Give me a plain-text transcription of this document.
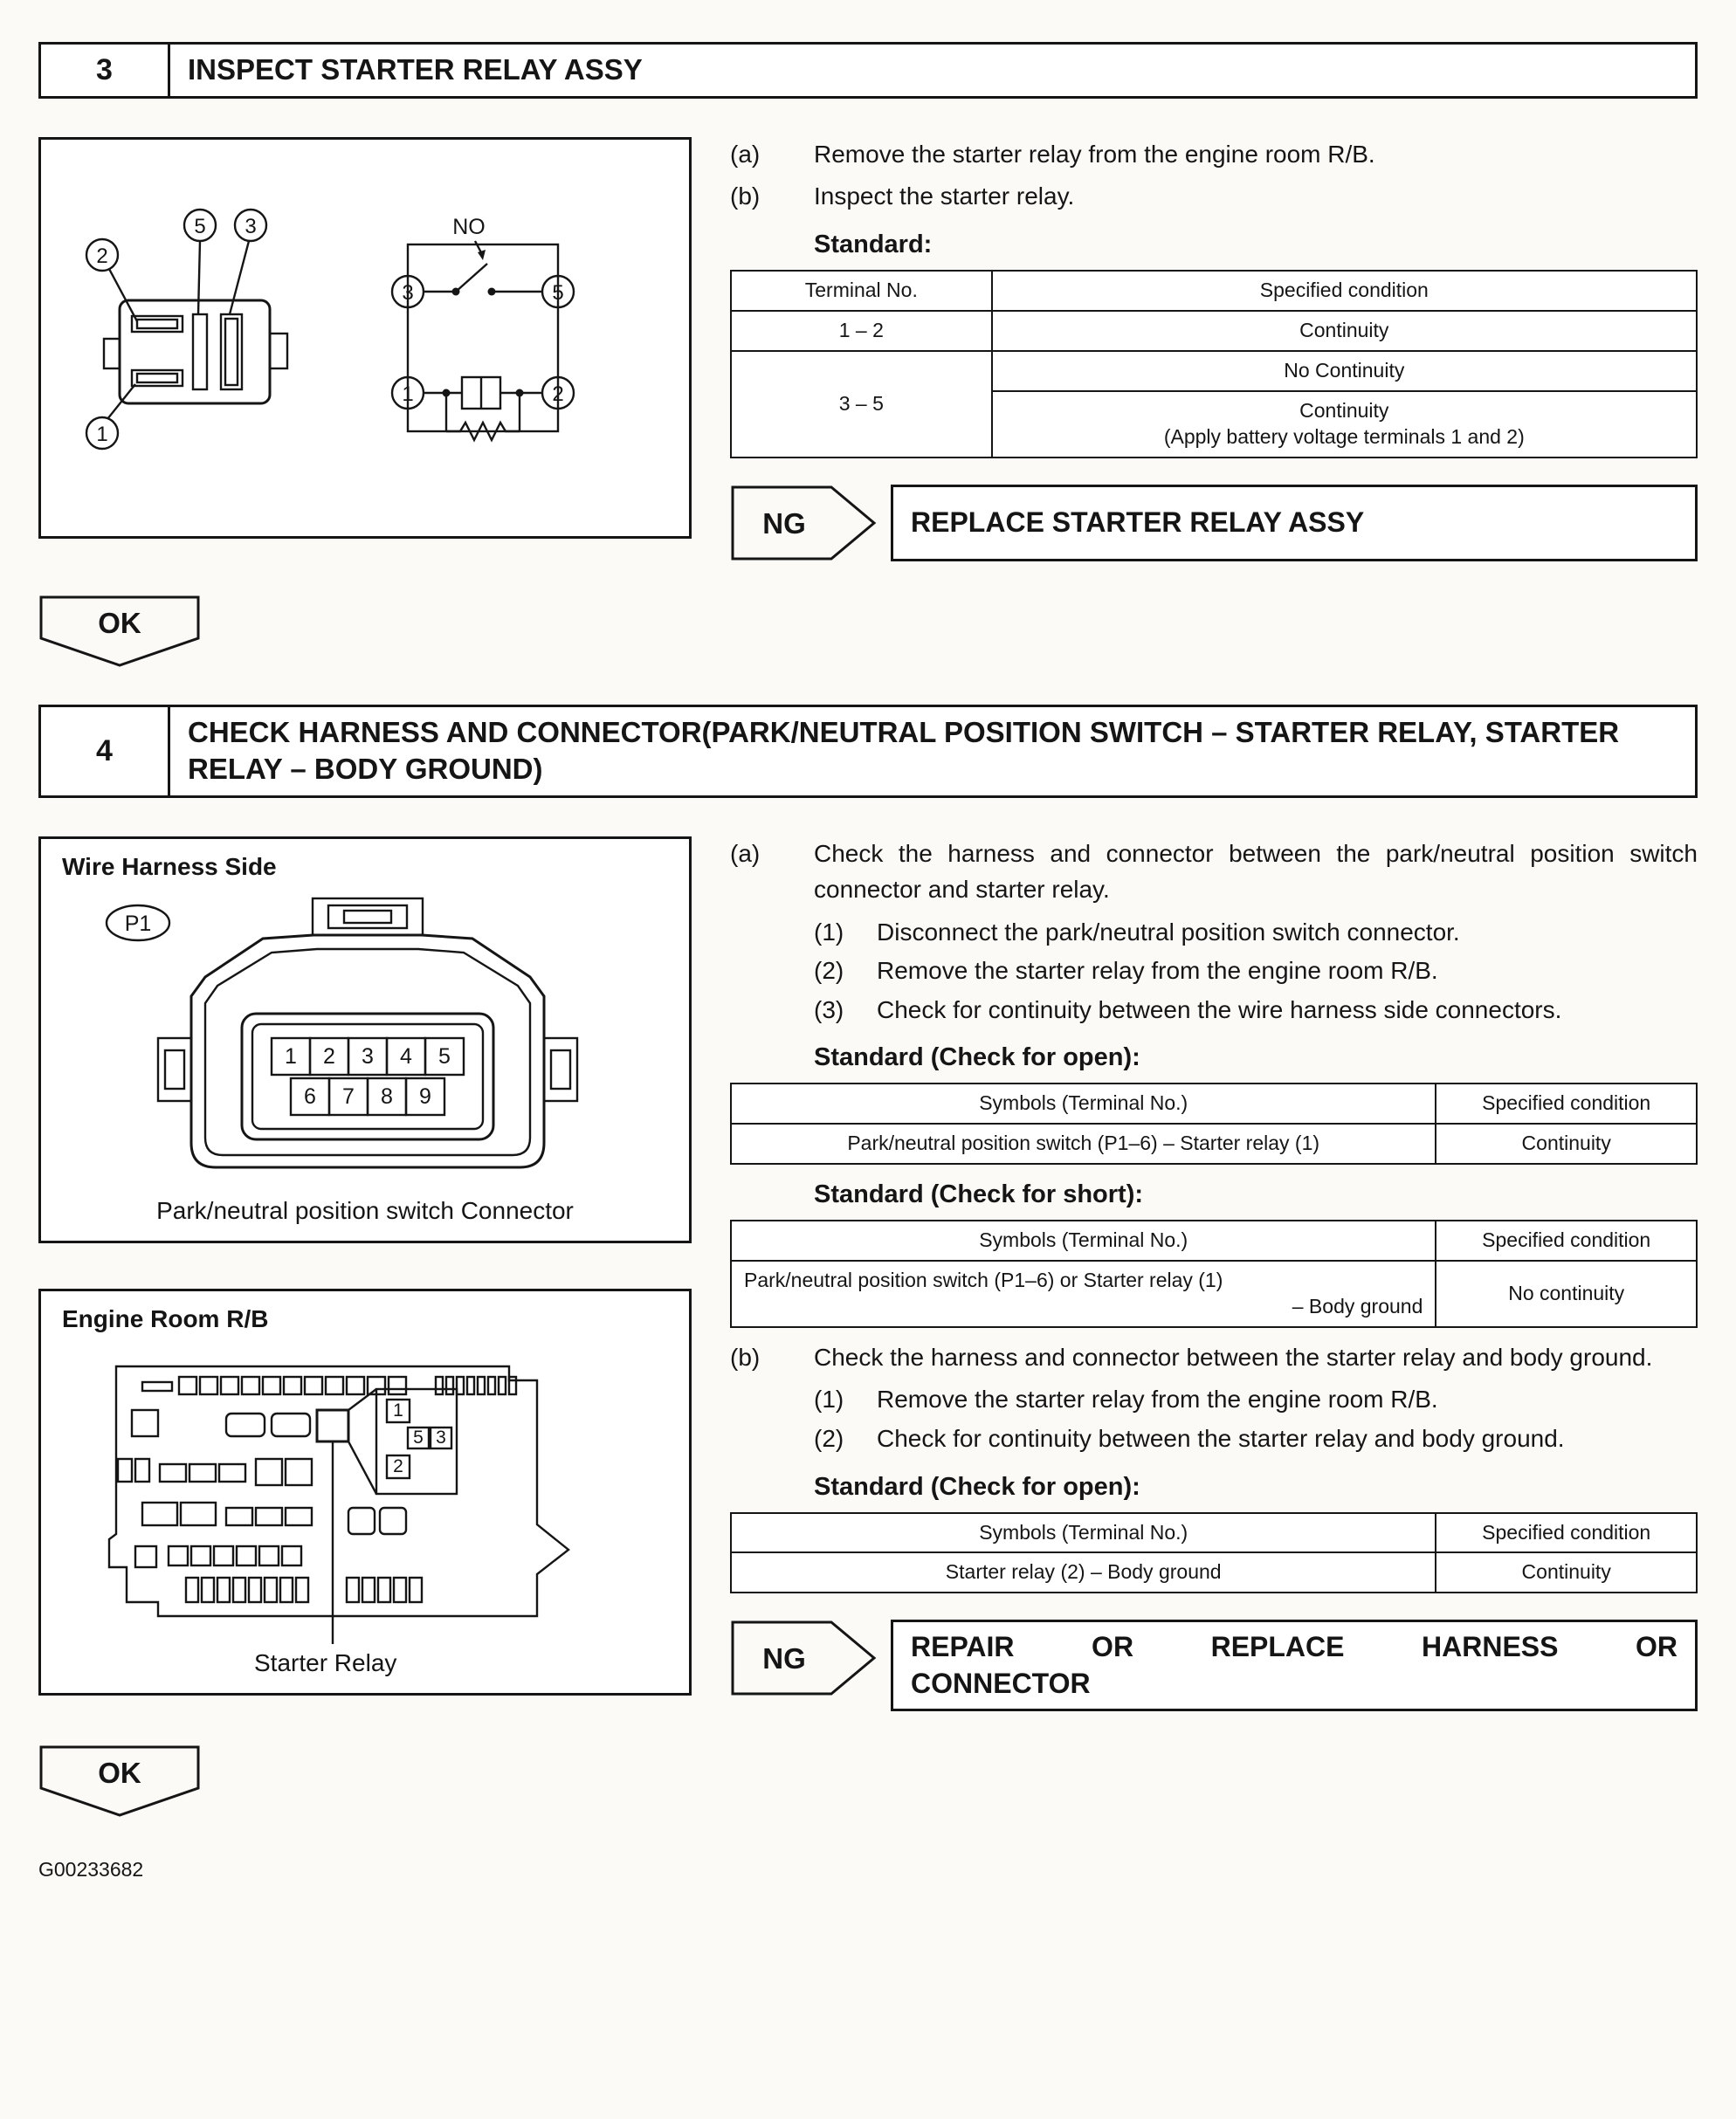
3	INSPECT STARTER RELAY ASSY
2
5 3
1
3	5
1	2
NO
(a)	Remove the starter relay from the engine room R/B.
(b)	Inspect the starter relay.
Standard:
Terminal No.	Specified condition
1 – 2	Continuity
3 – 5	No Continuity

	Continuity
(Apply battery voltage terminals 1 and 2)
NG	REPLACE STARTER RELAY ASSY
OK
4
CHECK HARNESS AND CONNECTOR(PARK/NEUTRAL POSITION SWITCH – STARTER RELAY, STARTER RELAY – BODY GROUND)
Wire Harness Side
P1
1 2 3 4 5
6 7 8 9
Park/neutral position switch Connector
Engine Room R/B
1
5 3
2
Starter Relay
(a)	Check the harness and connector between the park/neutral position switch connector and starter relay.
(1)	Disconnect the park/neutral position switch connector.
(2)	Remove the starter relay from the engine room R/B.
(3)	Check for continuity between the wire harness side connectors.
Standard (Check for open):
Symbols (Terminal No.)	Specified condition
Park/neutral position switch (P1–6) – Starter relay (1)	Continuity
Standard (Check for short):
Symbols (Terminal No.)	Specified condition

Park/neutral position switch (P1–6) or Starter relay (1)
– Body ground	No continuity
(b)	Check the harness and connector between the starter relay and body ground.
(1)	Remove the starter relay from the engine room R/B.
(2)	Check for continuity between the starter relay and body ground.
Standard (Check for open):
Symbols (Terminal No.)	Specified condition
Starter relay (2) – Body ground	Continuity
NG	REPAIR OR REPLACE HARNESS OR
CONNECTOR
OK
G00233682
